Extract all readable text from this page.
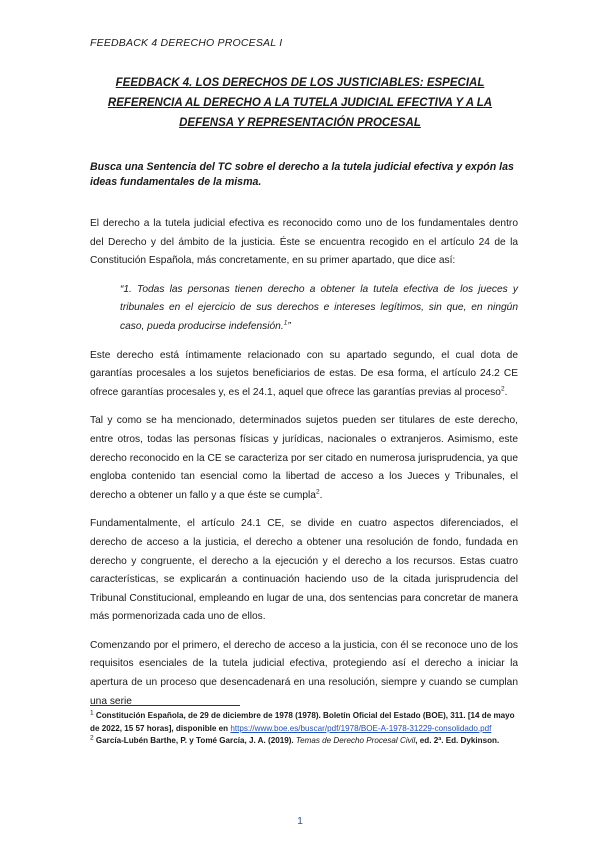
FEEDBACK 4 DERECHO PROCESAL I
FEEDBACK 4. LOS DERECHOS DE LOS JUSTICIABLES: ESPECIAL REFERENCIA AL DERECHO A LA TUTELA JUDICIAL EFECTIVA Y A LA DEFENSA Y REPRESENTACIÓN PROCESAL

Busca una Sentencia del TC sobre el derecho a la tutela judicial efectiva y expón las ideas fundamentales de la misma.

El derecho a la tutela judicial efectiva es reconocido como uno de los fundamentales dentro del Derecho y del ámbito de la justicia. Éste se encuentra recogido en el artículo 24 de la Constitución Española, más concretamente, en su primer apartado, que dice así:

“1. Todas las personas tienen derecho a obtener la tutela efectiva de los jueces y tribunales en el ejercicio de sus derechos e intereses legítimos, sin que, en ningún caso, pueda producirse indefensión.$^1$”

Este derecho está íntimamente relacionado con su apartado segundo, el cual dota de garantías procesales a los sujetos beneficiarios de estas. De esa forma, el artículo 24.2 CE ofrece garantías procesales y, es el 24.1, aquel que ofrece las garantías previas al proceso$^2$.

Tal y como se ha mencionado, determinados sujetos pueden ser titulares de este derecho, entre otros, todas las personas físicas y jurídicas, nacionales o extranjeros. Asimismo, este derecho reconocido en la CE se caracteriza por ser citado en numerosa jurisprudencia, ya que engloba contenido tan esencial como la libertad de acceso a los Jueces y Tribunales, el derecho a obtener un fallo y a que éste se cumpla$^2$.

Fundamentalmente, el artículo 24.1 CE, se divide en cuatro aspectos diferenciados, el derecho de acceso a la justicia, el derecho a obtener una resolución de fondo, fundada en derecho y congruente, el derecho a la ejecución y el derecho a los recursos. Estas cuatro características, se explicarán a continuación haciendo uso de la citada jurisprudencia del Tribunal Constitucional, empleando en lugar de una, dos sentencias para concretar de manera más pormenorizada cada uno de ellos.

Comenzando por el primero, el derecho de acceso a la justicia, con él se reconoce uno de los requisitos esenciales de la tutela judicial efectiva, protegiendo así el derecho a iniciar la apertura de un proceso que desencadenará en una resolución, siempre y cuando se cumplan una serie

$^1$ Constitución Española, de 29 de diciembre de 1978 (1978). Boletín Oficial del Estado (BOE), 311. [14 de mayo de 2022, 15 57 horas], disponible en https://www.boe.es/buscar/pdf/1978/BOE-A-1978-31229-consolidado.pdf

$^2$ García-Lubén Barthe, P. y Tomé García, J. A. (2019). Temas de Derecho Procesal Civil, ed. 2ª. Ed. Dykinson.

1
